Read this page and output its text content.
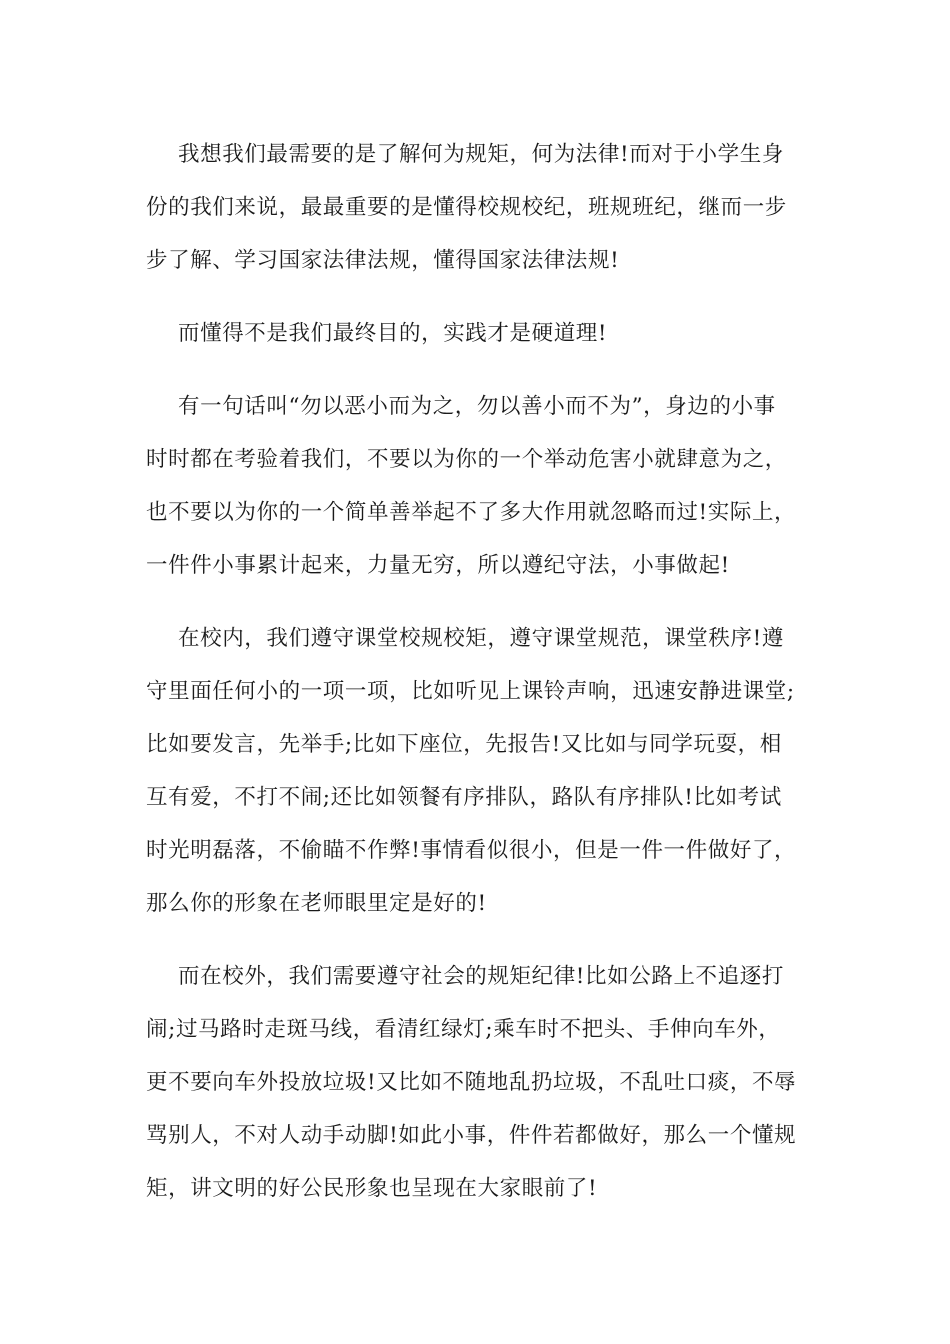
我想我们最需要的是了解何为规矩，何为法律!而对于小学生身
份的我们来说，最最重要的是懂得校规校纪，班规班纪，继而一步
步了解、学习国家法律法规，懂得国家法律法规!
而懂得不是我们最终目的，实践才是硬道理!
有一句话叫“勿以恶小而为之，勿以善小而不为”，身边的小事
时时都在考验着我们，不要以为你的一个举动危害小就肆意为之，
也不要以为你的一个简单善举起不了多大作用就忽略而过!实际上，
一件件小事累计起来，力量无穷，所以遵纪守法，小事做起!
在校内，我们遵守课堂校规校矩，遵守课堂规范，课堂秩序!遵
守里面任何小的一项一项，比如听见上课铃声响，迅速安静进课堂;
比如要发言，先举手;比如下座位，先报告!又比如与同学玩耍，相
互有爱，不打不闹;还比如领餐有序排队，路队有序排队!比如考试
时光明磊落，不偷瞄不作弊!事情看似很小，但是一件一件做好了，
那么你的形象在老师眼里定是好的!
而在校外，我们需要遵守社会的规矩纪律!比如公路上不追逐打
闹;过马路时走斑马线，看清红绿灯;乘车时不把头、手伸向车外，
更不要向车外投放垃圾!又比如不随地乱扔垃圾，不乱吐口痰，不辱
骂别人，不对人动手动脚!如此小事，件件若都做好，那么一个懂规
矩，讲文明的好公民形象也呈现在大家眼前了!
